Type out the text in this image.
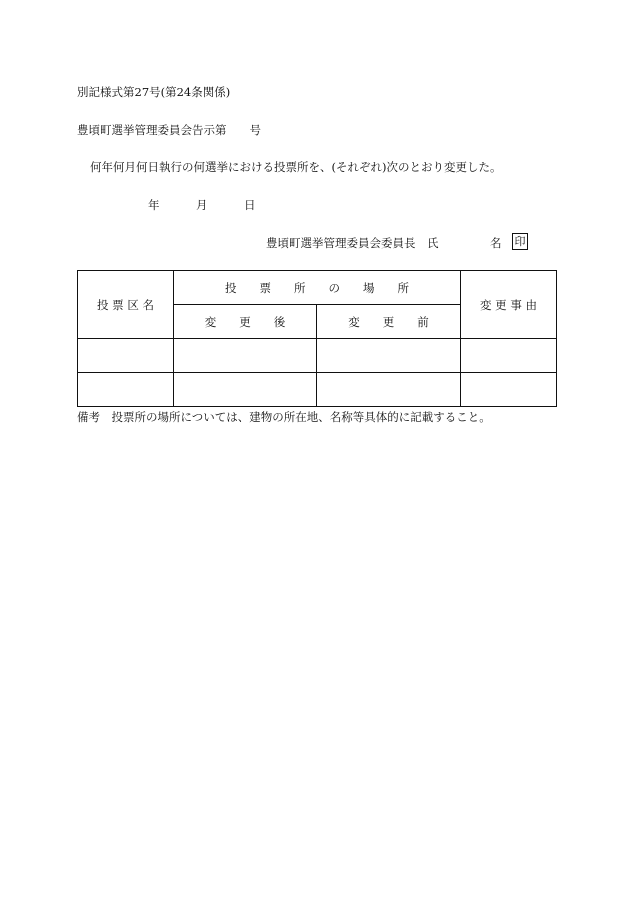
別記様式第27号(第24条関係)
豊頃町選挙管理委員会告示第　　号
何年何月何日執行の何選挙における投票所を、(それぞれ)次のとおり変更した。
年	月	日
豊頃町選挙管理委員会委員長　氏	名 印
投 票 区 名	投　　票　　所　　の　　場　　所		変 更 事 由
	変　　更　　後	変　　更　　前	

備考　投票所の場所については、建物の所在地、名称等具体的に記載すること。
